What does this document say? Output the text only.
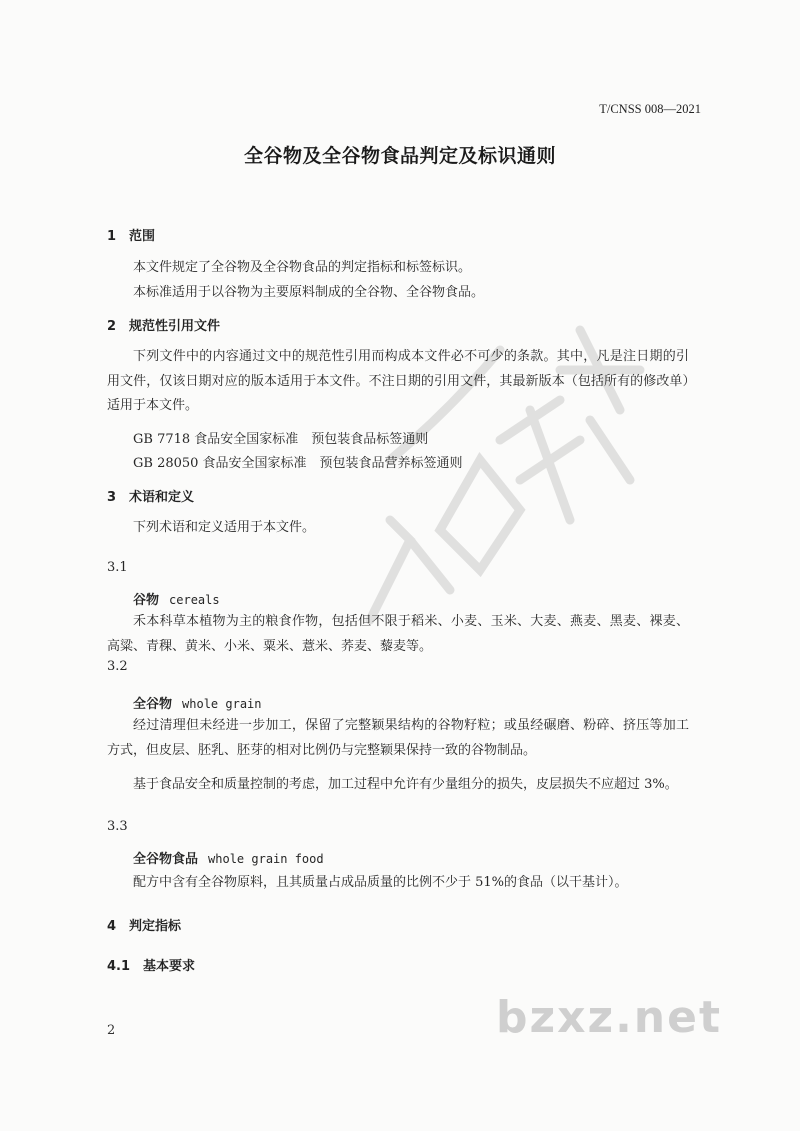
T/CNSS 008—2021
全谷物及全谷物食品判定及标识通则
1　范围
本文件规定了全谷物及全谷物食品的判定指标和标签标识。
本标准适用于以谷物为主要原料制成的全谷物、全谷物食品。
2　规范性引用文件
下列文件中的内容通过文中的规范性引用而构成本文件必不可少的条款。其中，凡是注日期的引用文件，仅该日期对应的版本适用于本文件。不注日期的引用文件，其最新版本（包括所有的修改单）适用于本文件。
GB 7718 食品安全国家标准　预包装食品标签通则
GB 28050 食品安全国家标准　预包装食品营养标签通则
3　术语和定义
下列术语和定义适用于本文件。
3.1
谷物 cereals
禾本科草本植物为主的粮食作物，包括但不限于稻米、小麦、玉米、大麦、燕麦、黑麦、裸麦、高粱、青稞、黄米、小米、粟米、薏米、荞麦、藜麦等。
3.2
全谷物 whole grain
经过清理但未经进一步加工，保留了完整颖果结构的谷物籽粒；或虽经碾磨、粉碎、挤压等加工方式，但皮层、胚乳、胚芽的相对比例仍与完整颖果保持一致的谷物制品。
基于食品安全和质量控制的考虑，加工过程中允许有少量组分的损失，皮层损失不应超过 3%。
3.3
全谷物食品 whole grain food
配方中含有全谷物原料，且其质量占成品质量的比例不少于 51%的食品（以干基计）。
4　判定指标
4.1　基本要求
2	bzxz.net
